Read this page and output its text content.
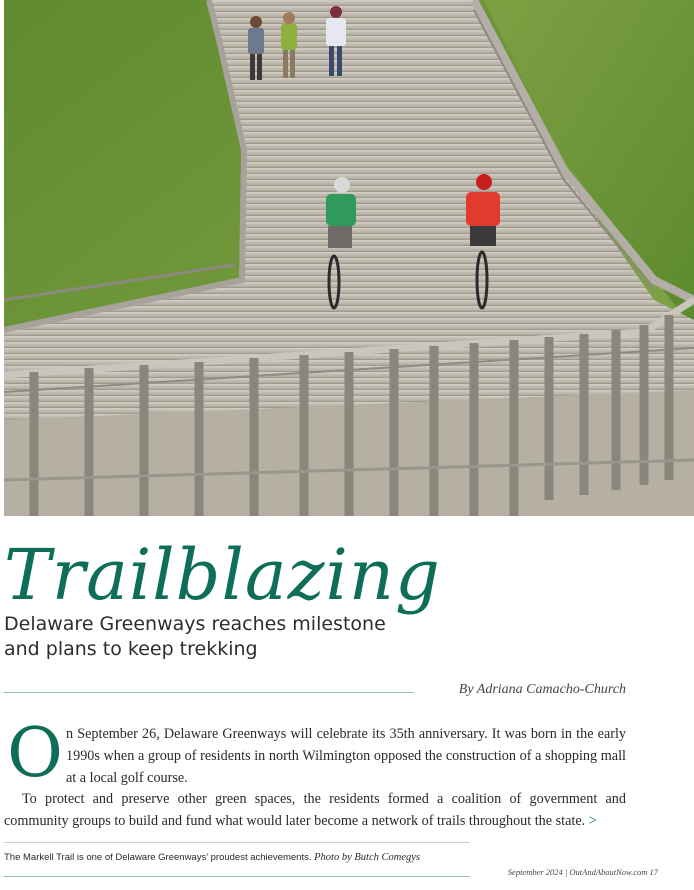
Trailblazing
Delaware Greenways reaches milestone and plans to keep trekking
By Adriana Camacho-Church
O n September 26, Delaware Greenways will celebrate its 35th anniversary. It was born in the early 1990s when a group of residents in north Wilmington opposed the construction of a shopping mall at a local golf course.

To protect and preserve other green spaces, the residents formed a coalition of government and community groups to build and fund what would later become a network of trails throughout the state. >

The Markell Trail is one of Delaware Greenways’ proudest achievements. Photo by Butch Comegys

September 2024 | OutAndAboutNow.com 17
